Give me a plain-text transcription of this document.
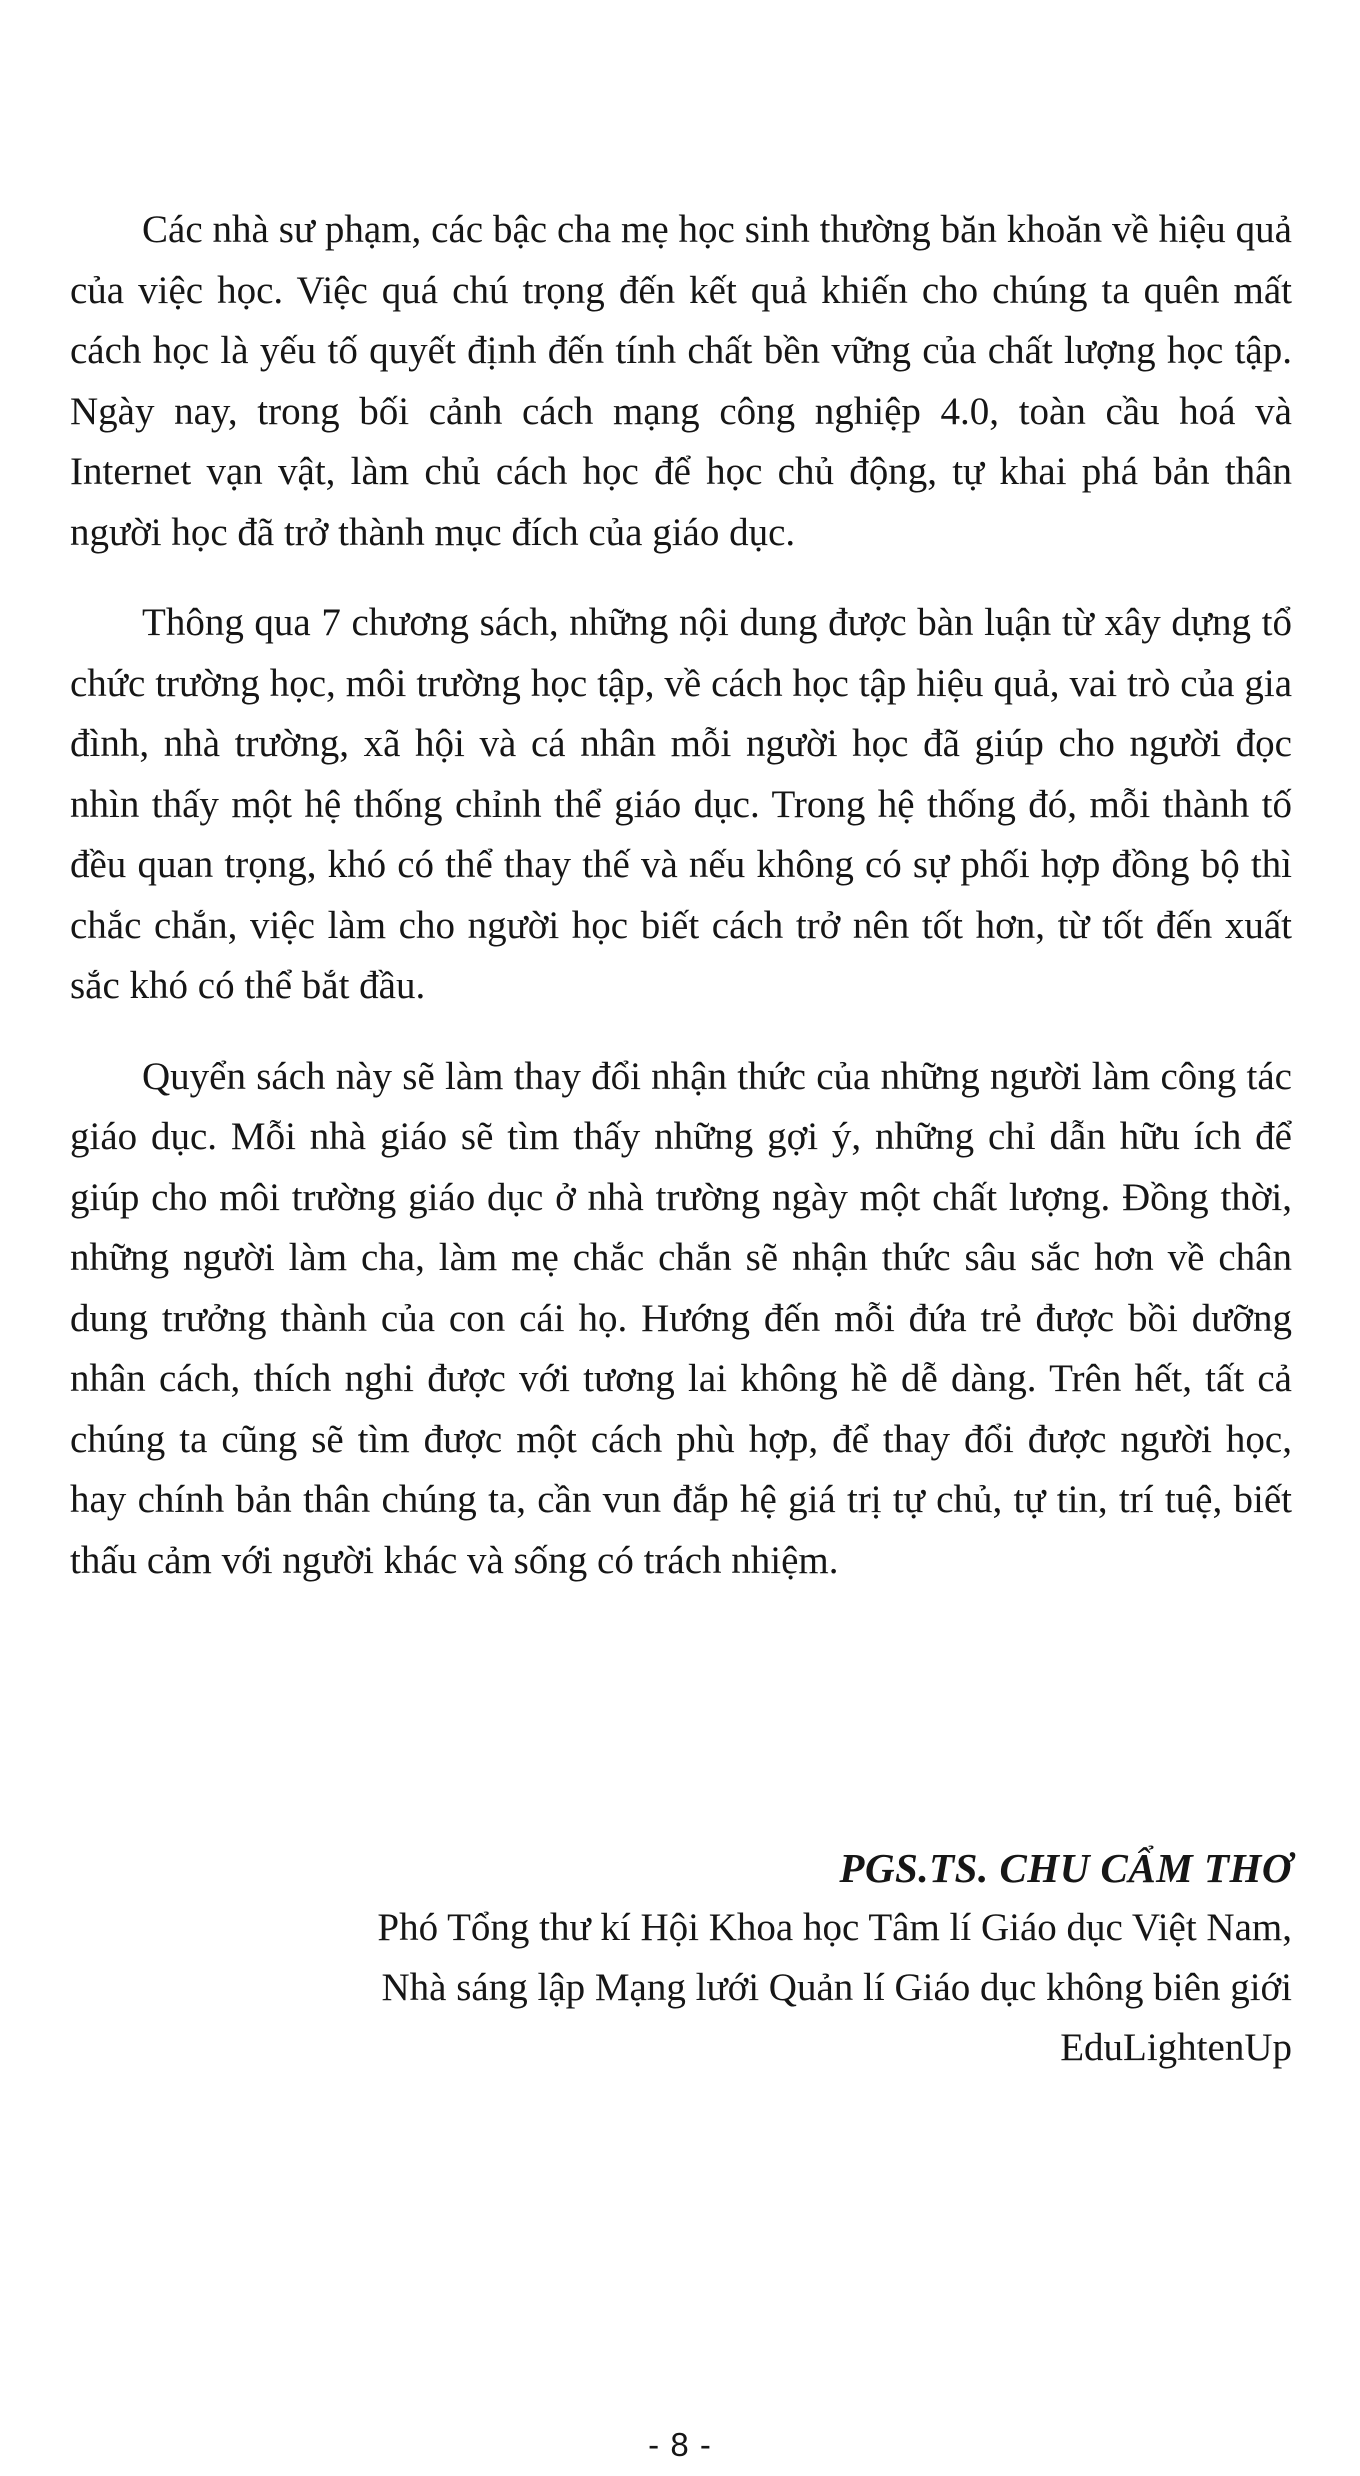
Các nhà sư phạm, các bậc cha mẹ học sinh thường băn khoăn về hiệu quả của việc học. Việc quá chú trọng đến kết quả khiến cho chúng ta quên mất cách học là yếu tố quyết định đến tính chất bền vững của chất lượng học tập. Ngày nay, trong bối cảnh cách mạng công nghiệp 4.0, toàn cầu hoá và Internet vạn vật, làm chủ cách học để học chủ động, tự khai phá bản thân người học đã trở thành mục đích của giáo dục.

Thông qua 7 chương sách, những nội dung được bàn luận từ xây dựng tổ chức trường học, môi trường học tập, về cách học tập hiệu quả, vai trò của gia đình, nhà trường, xã hội và cá nhân mỗi người học đã giúp cho người đọc nhìn thấy một hệ thống chỉnh thể giáo dục. Trong hệ thống đó, mỗi thành tố đều quan trọng, khó có thể thay thế và nếu không có sự phối hợp đồng bộ thì chắc chắn, việc làm cho người học biết cách trở nên tốt hơn, từ tốt đến xuất sắc khó có thể bắt đầu.

Quyển sách này sẽ làm thay đổi nhận thức của những người làm công tác giáo dục. Mỗi nhà giáo sẽ tìm thấy những gợi ý, những chỉ dẫn hữu ích để giúp cho môi trường giáo dục ở nhà trường ngày một chất lượng. Đồng thời, những người làm cha, làm mẹ chắc chắn sẽ nhận thức sâu sắc hơn về chân dung trưởng thành của con cái họ. Hướng đến mỗi đứa trẻ được bồi dưỡng nhân cách, thích nghi được với tương lai không hề dễ dàng. Trên hết, tất cả chúng ta cũng sẽ tìm được một cách phù hợp, để thay đổi được người học, hay chính bản thân chúng ta, cần vun đắp hệ giá trị tự chủ, tự tin, trí tuệ, biết thấu cảm với người khác và sống có trách nhiệm.

PGS.TS. CHU CẨM THƠ
Phó Tổng thư kí Hội Khoa học Tâm lí Giáo dục Việt Nam,
Nhà sáng lập Mạng lưới Quản lí Giáo dục không biên giới
EduLightenUp
- 8 -
